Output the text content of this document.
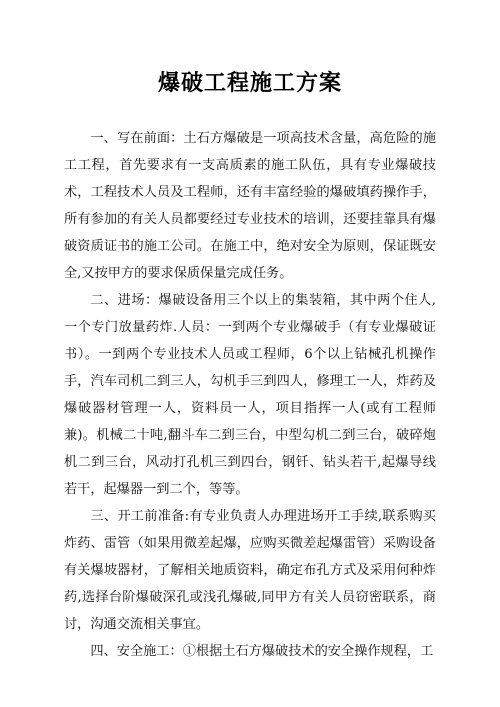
爆破工程施工方案

一、写在前面：土石方爆破是一项高技术含量，高危险的施工工程，首先要求有一支高质素的施工队伍，具有专业爆破技术，工程技术人员及工程师，还有丰富经验的爆破填药操作手，所有参加的有关人员都要经过专业技术的培训，还要挂靠具有爆破资质证书的施工公司。在施工中，绝对安全为原则，保证既安全,又按甲方的要求保质保量完成任务。

二、进场：爆破设备用三个以上的集装箱，其中两个住人,一个专门放量药炸.人员：一到两个专业爆破手（有专业爆破证书）。一到两个专业技术人员或工程师，6个以上钻械孔机操作手，汽车司机二到三人，勾机手三到四人，修理工一人，炸药及爆破器材管理一人，资料员一人，项目指挥一人(或有工程师兼)。机械二十吨,翻斗车二到三台，中型勾机二到三台，破碎炮机二到三台，风动打孔机三到四台，钢钎、钻头若干,起爆导线若干，起爆器一到二个，等等。

三、开工前准备:有专业负责人办理进场开工手续,联系购买炸药、雷管（如果用微差起爆，应购买微差起爆雷管）采购设备有关爆坡器材，了解相关地质资料，确定布孔方式及采用何种炸药,选择台阶爆破深孔或浅孔爆破,同甲方有关人员窃密联系，商讨，沟通交流相关事宜。

四、安全施工：①根据土石方爆破技术的安全操作规程，工
